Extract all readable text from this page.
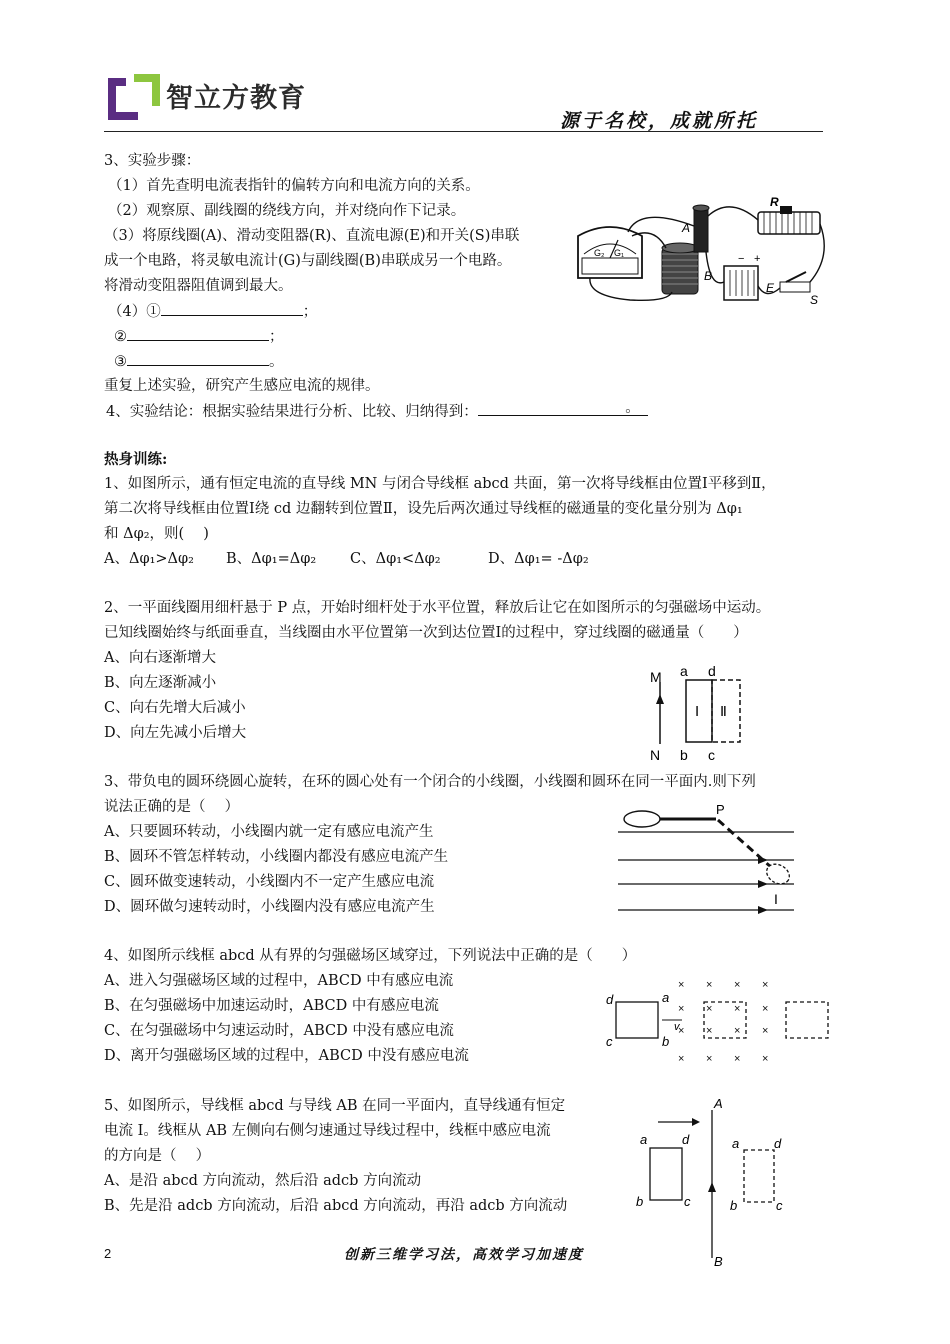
智立方教育
源于名校，成就所托
3、实验步骤：
（1）首先查明电流表指针的偏转方向和电流方向的关系。
（2）观察原、副线圈的绕线方向，并对绕向作下记录。
（3）将原线圈(A)、滑动变阻器(R)、直流电源(E)和开关(S)串联
成一个电路，将灵敏电流计(G)与副线圈(B)串联成另一个电路。
将滑动变阻器阻值调到最大。
（4）①	；
②	；
③	。
重复上述实验，研究产生感应电流的规律。
4、实验结论：根据实验结果进行分析、比较、归纳得到：	。
G₂ G₁
B
A
R
− +
E
S
热身训练:
1、如图所示，通有恒定电流的直导线 MN 与闭合导线框 abcd 共面，第一次将导线框由位置Ⅰ平移到Ⅱ，
第二次将导线框由位置Ⅰ绕 cd 边翻转到位置Ⅱ，设先后两次通过导线框的磁通量的变化量分别为 Δφ₁
和 Δφ₂，则(　 )
A、Δφ₁>Δφ₂ B、Δφ₁=Δφ₂ C、Δφ₁<Δφ₂	D、Δφ₁= -Δφ₂
2、一平面线圈用细杆悬于 P 点，开始时细杆处于水平位置，释放后让它在如图所示的匀强磁场中运动。
已知线圈始终与纸面垂直，当线圈由水平位置第一次到达位置Ⅰ的过程中，穿过线圈的磁通量（　　）
A、向右逐渐增大
B、向左逐渐减小
C、向右先增大后减小
D、向左先减小后增大
M
N
a d
b c
Ⅰ Ⅱ
3、带负电的圆环绕圆心旋转，在环的圆心处有一个闭合的小线圈，小线圈和圆环在同一平面内.则下列
说法正确的是（　 ）
A、只要圆环转动，小线圈内就一定有感应电流产生
B、圆环不管怎样转动，小线圈内都没有感应电流产生
C、圆环做变速转动，小线圈内不一定产生感应电流
D、圆环做匀速转动时，小线圈内没有感应电流产生
P
I
4、如图所示线框 abcd 从有界的匀强磁场区域穿过，下列说法中正确的是（　　）
A、进入匀强磁场区域的过程中，ABCD 中有感应电流
B、在匀强磁场中加速运动时，ABCD 中有感应电流
C、在匀强磁场中匀速运动时，ABCD 中没有感应电流
D、离开匀强磁场区域的过程中，ABCD 中没有感应电流
× × × ×
× × × ×
× × × ×
× × × ×
d	a
c	b
v
5、如图所示，导线框 abcd 与导线 AB 在同一平面内，直导线通有恒定
电流 I。线框从 AB 左侧向右侧匀速通过导线过程中，线框中感应电流
的方向是（　 ）
A、是沿 abcd 方向流动，然后沿 adcb 方向流动
B、先是沿 adcb 方向流动，后沿 abcd 方向流动，再沿 adcb 方向流动
A
B
a	d
b	c
a	d
b	c
2	创新三维学习法，高效学习加速度
